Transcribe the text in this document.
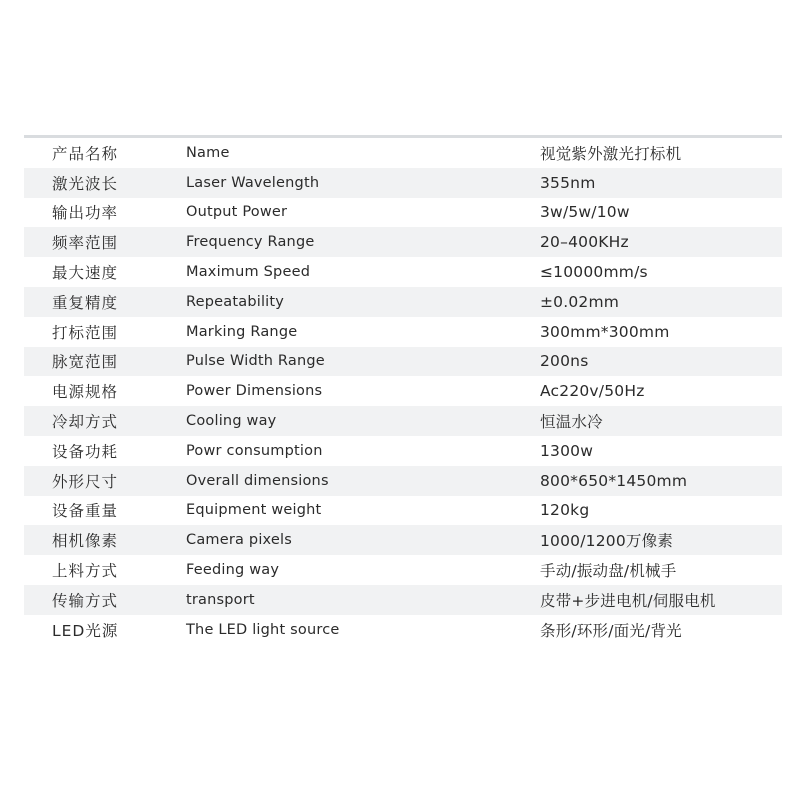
产品名称	Name	视觉紫外激光打标机
激光波长	Laser Wavelength	355nm
输出功率	Output Power	3w/5w/10w
频率范围	Frequency Range	20–400KHz
最大速度	Maximum Speed	≤10000mm/s
重复精度	Repeatability	±0.02mm
打标范围	Marking Range	300mm*300mm
脉宽范围	Pulse Width Range	200ns
电源规格	Power Dimensions	Ac220v/50Hz
冷却方式	Cooling way	恒温水冷
设备功耗	Powr consumption	1300w
外形尺寸	Overall dimensions	800*650*1450mm
设备重量	Equipment weight	120kg
相机像素	Camera pixels	1000/1200万像素
上料方式	Feeding way	手动/振动盘/机械手
传输方式	transport	皮带+步进电机/伺服电机
LED光源	The LED light source	条形/环形/面光/背光
